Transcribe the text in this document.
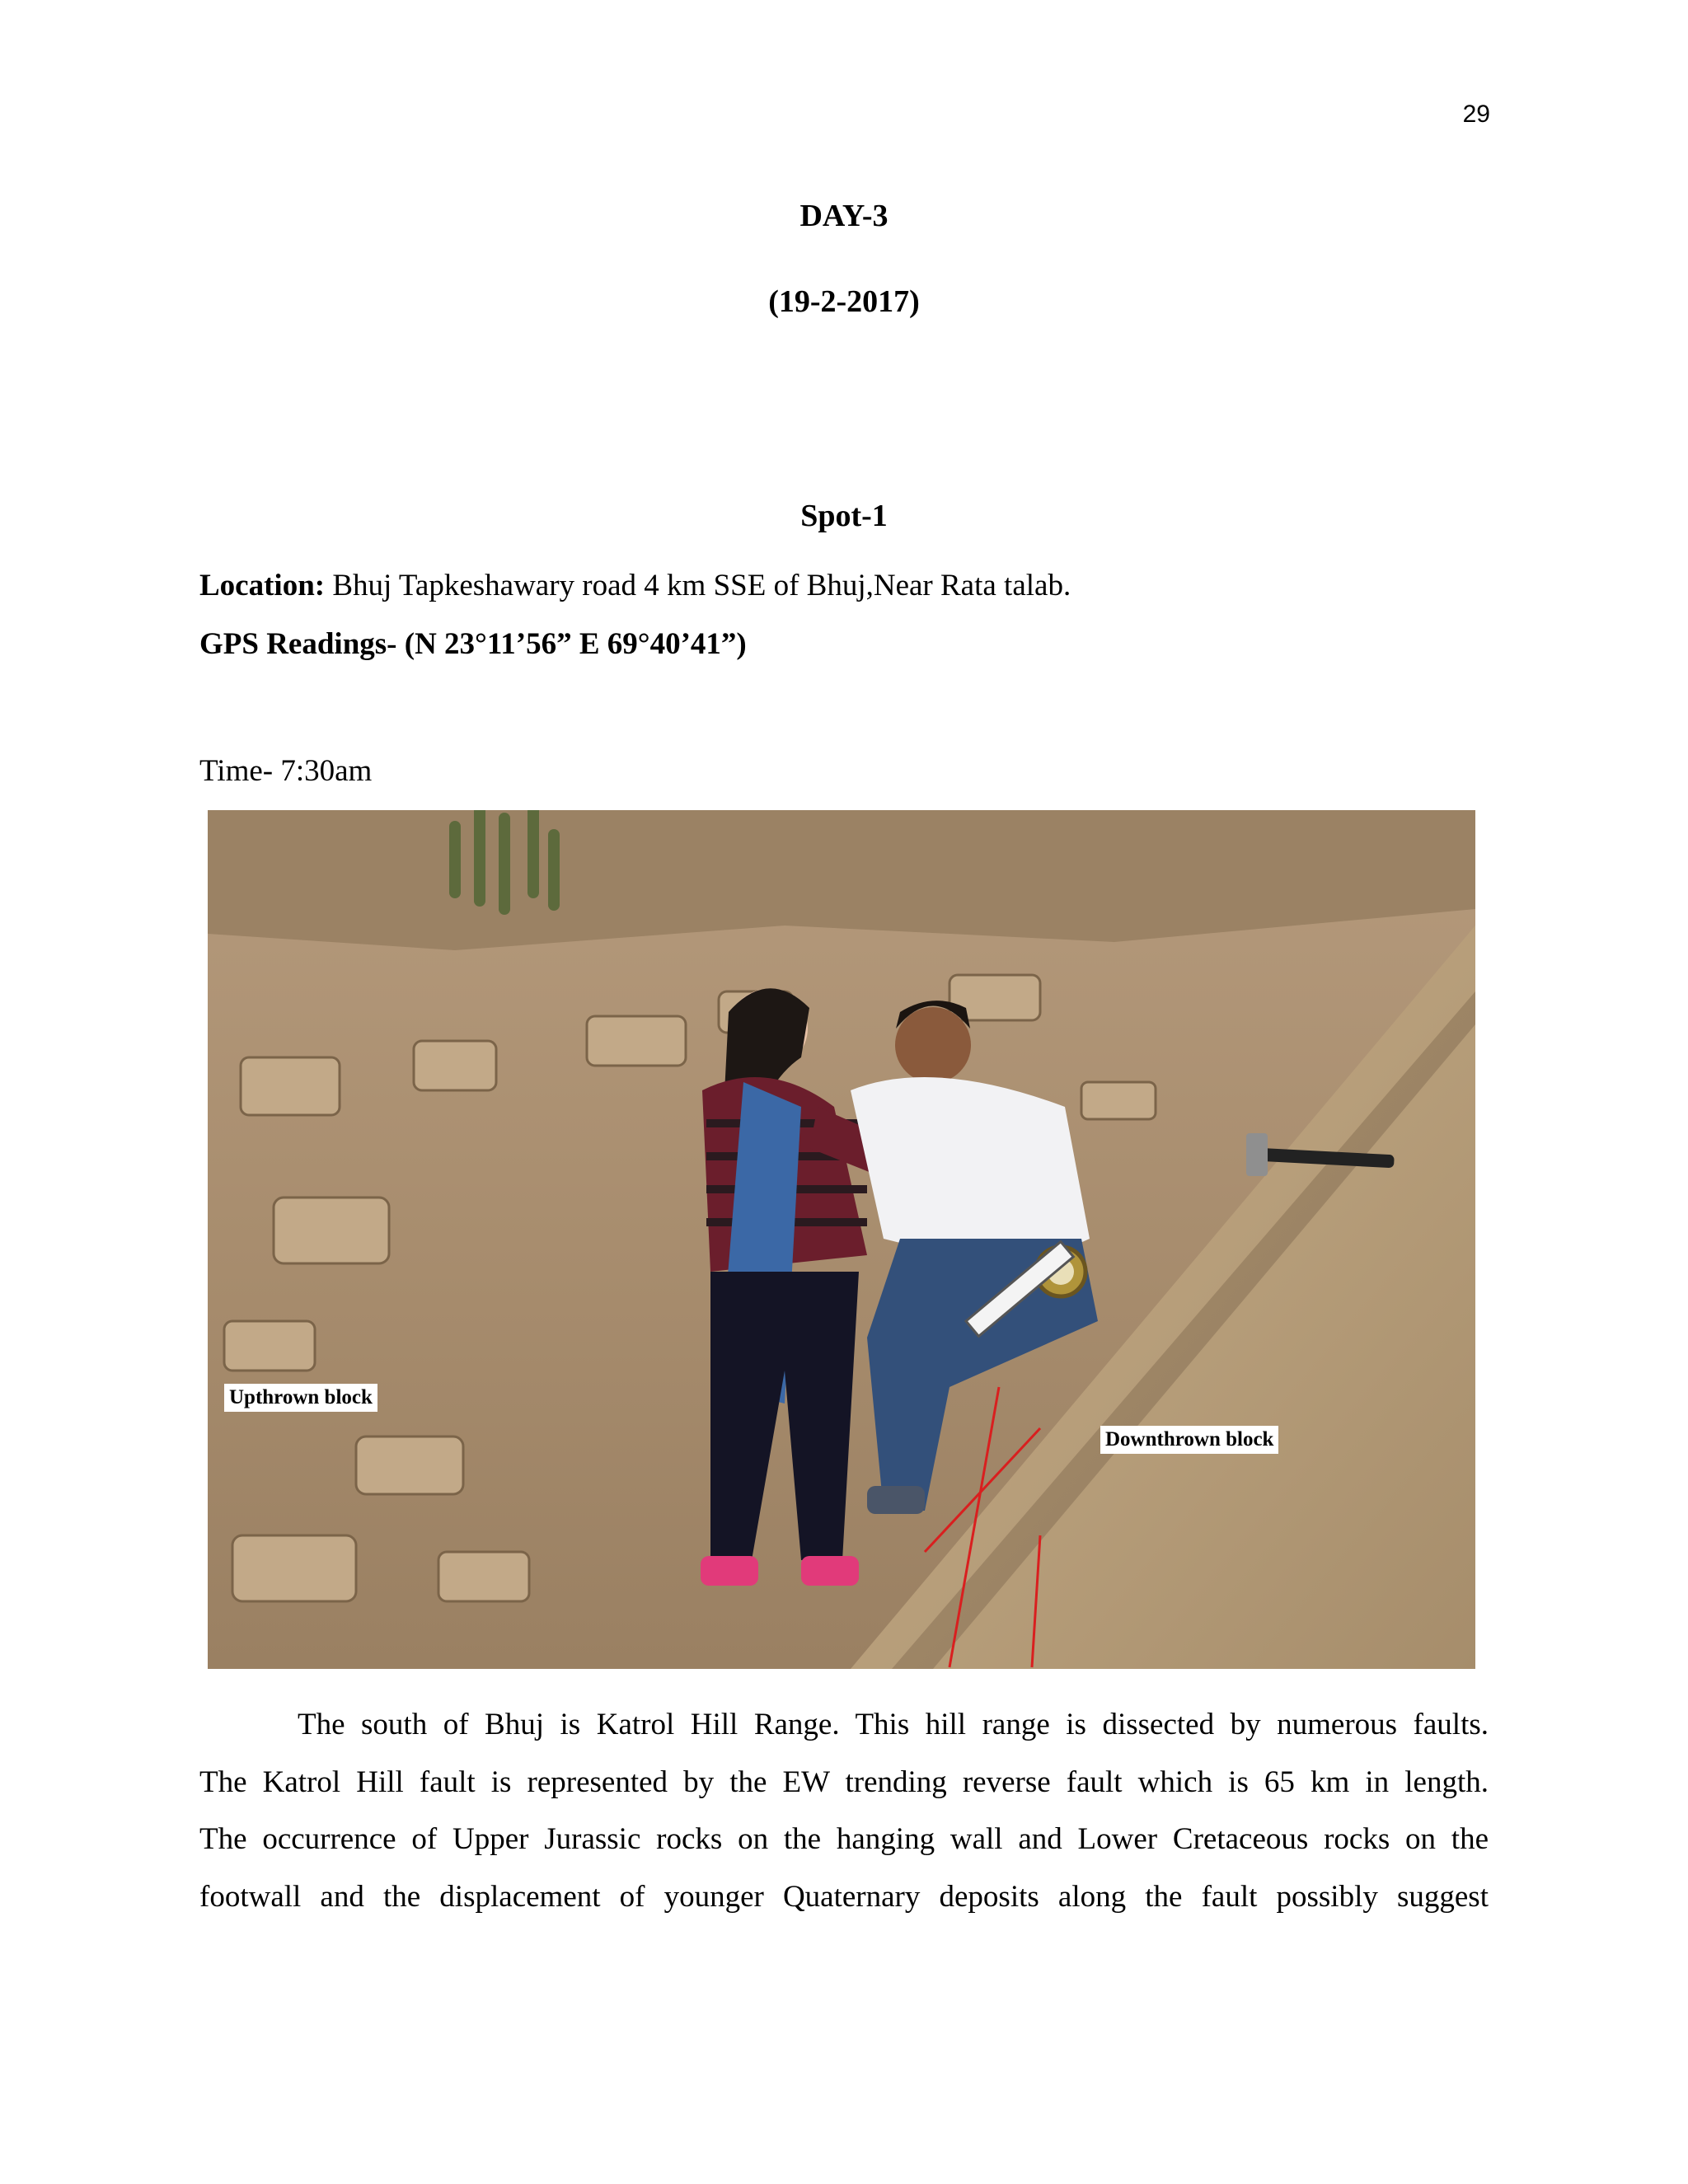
29
DAY-3
(19-2-2017)
Spot-1
Location: Bhuj Tapkeshawary road 4 km SSE of Bhuj,Near Rata talab.
GPS Readings- (N 23°11’56” E 69°40’41”)
Time- 7:30am
Upthrown block
Downthrown block
The south of Bhuj is Katrol Hill Range. This hill range is dissected by numerous faults.
The Katrol Hill fault is represented by the EW trending reverse fault which is 65 km in length.
The occurrence of Upper Jurassic rocks on the hanging wall and Lower Cretaceous rocks on the
footwall and the displacement of younger Quaternary deposits along the fault possibly suggest
